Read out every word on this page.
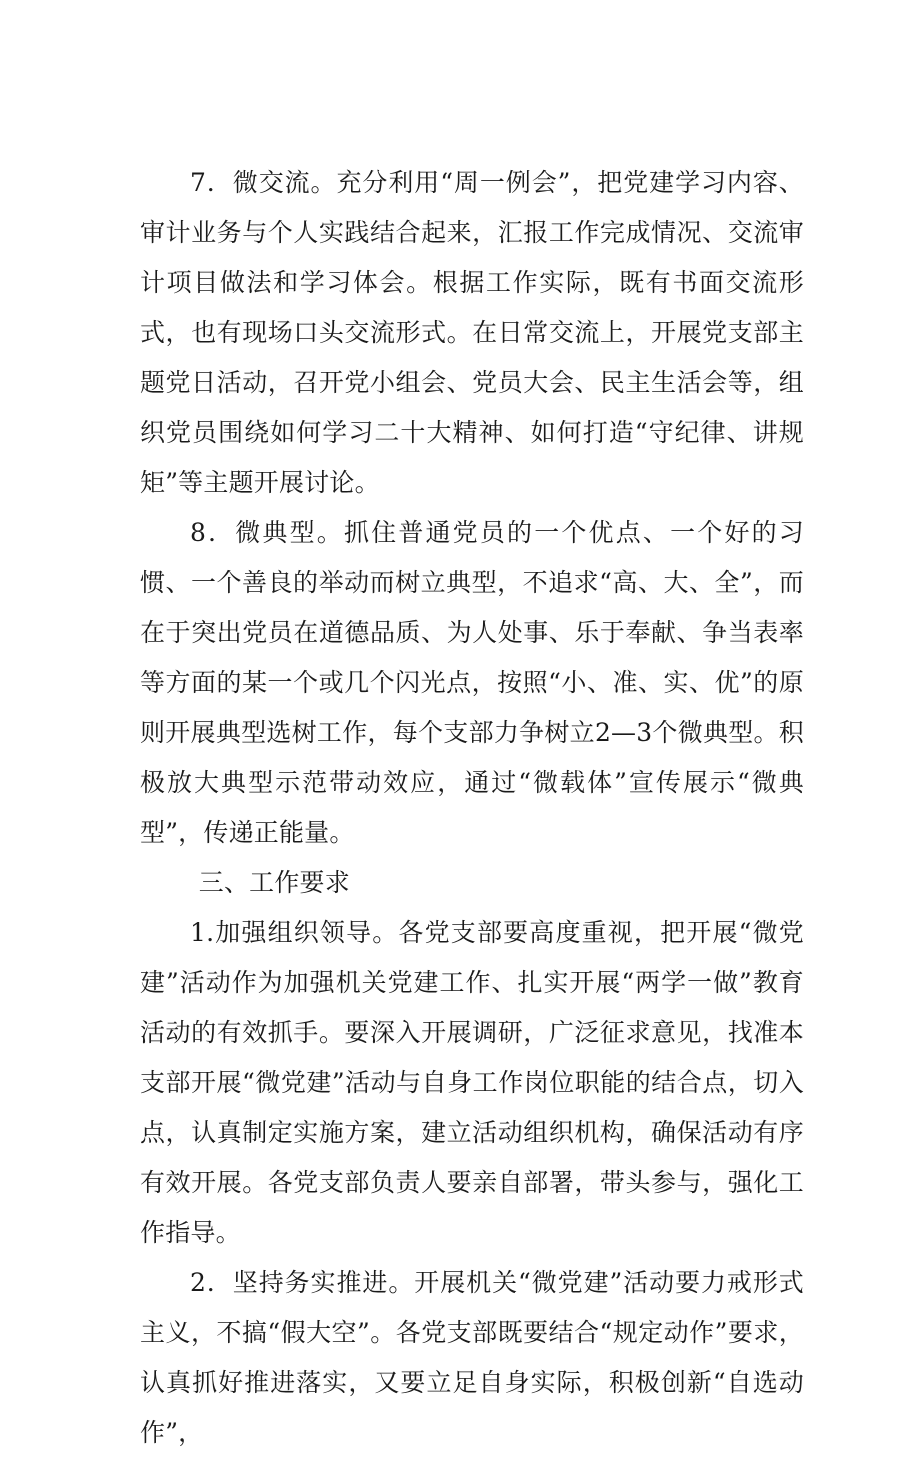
7．微交流。充分利用“周一例会”，把党建学习内容、审计业务与个人实践结合起来，汇报工作完成情况、交流审计项目做法和学习体会。根据工作实际，既有书面交流形式，也有现场口头交流形式。在日常交流上，开展党支部主题党日活动，召开党小组会、党员大会、民主生活会等，组织党员围绕如何学习二十大精神、如何打造“守纪律、讲规矩”等主题开展讨论。

8．微典型。抓住普通党员的一个优点、一个好的习惯、一个善良的举动而树立典型，不追求“高、大、全”，而在于突出党员在道德品质、为人处事、乐于奉献、争当表率等方面的某一个或几个闪光点，按照“小、准、实、优”的原则开展典型选树工作，每个支部力争树立2—3个微典型。积极放大典型示范带动效应，通过“微载体”宣传展示“微典型”，传递正能量。

三、工作要求

1.加强组织领导。各党支部要高度重视，把开展“微党建”活动作为加强机关党建工作、扎实开展“两学一做”教育活动的有效抓手。要深入开展调研，广泛征求意见，找准本支部开展“微党建”活动与自身工作岗位职能的结合点，切入点，认真制定实施方案，建立活动组织机构，确保活动有序有效开展。各党支部负责人要亲自部署，带头参与，强化工作指导。

2．坚持务实推进。开展机关“微党建”活动要力戒形式主义，不搞“假大空”。各党支部既要结合“规定动作”要求，认真抓好推进落实，又要立足自身实际，积极创新“自选动作”，
